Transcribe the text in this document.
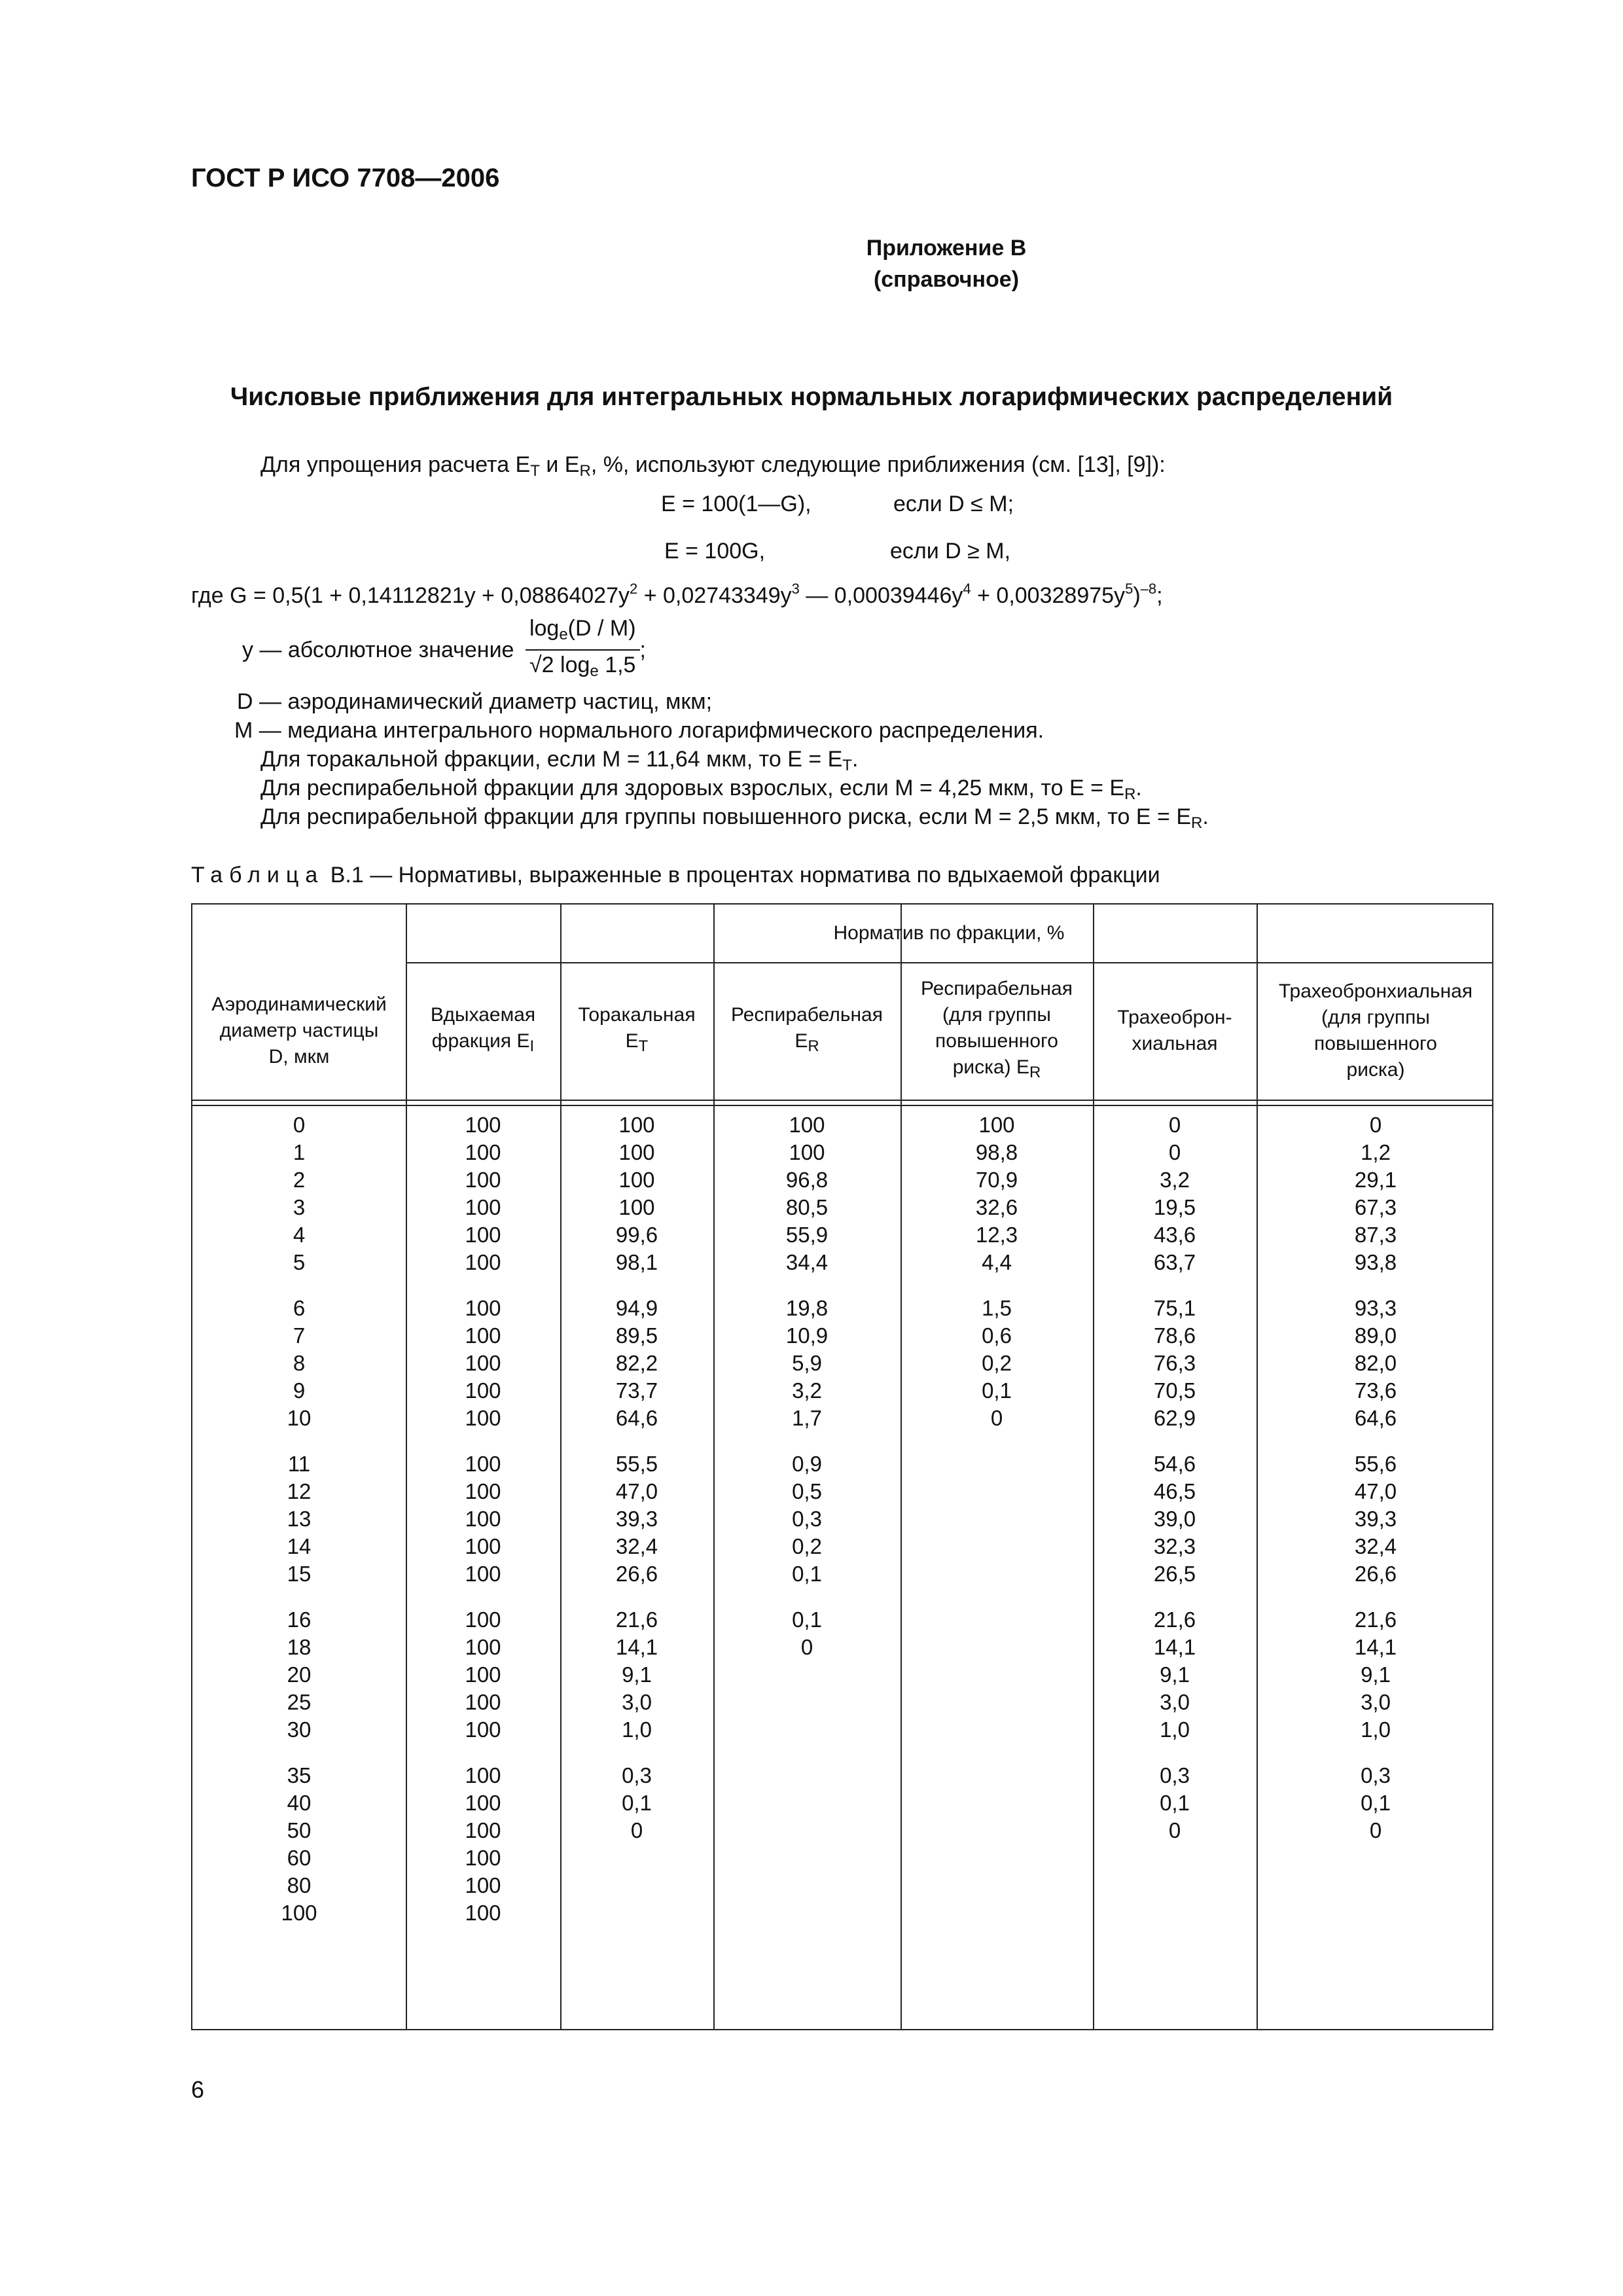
ГОСТ Р ИСО 7708—2006
Приложение В
(справочное)
Числовые приближения для интегральных нормальных логарифмических распределений
Для упрощения расчета $E_T$ и $E_R$, %, используют следующие приближения (см. [13], [9]):
E = 100(1—G),	если D ≤ M;
E = 100G,	если D ≥ M,
где $G = 0,5(1 + 0,14112821y + 0,08864027y^2 + 0,02743349y^3$ — $0,00039446y^4 + 0,00328975y^5)^{-8}$;
y — абсолютное значение $\frac{\log_e(D / M)}{√2 \log_e 1,5}$ ;
D — аэродинамический диаметр частиц, мкм;
M — медиана интегрального нормального логарифмического распределения.
Для торакальной фракции, если M = 11,64 мкм, то $E = E_T$.
Для респирабельной фракции для здоровых взрослых, если M = 4,25 мкм, то $E = E_R$.
Для респирабельной фракции для группы повышенного риска, если M = 2,5 мкм, то $E = E_R$.
Таблица В.1 — Нормативы, выраженные в процентах норматива по вдыхаемой фракции
Норматив по фракции, %
Аэродинамический
диаметр частицы
D, мкм
Вдыхаемая
фракция $E_I$
Торакальная
$E_T$
Респирабельная
$E_R$
Респирабельная
(для группы
повышенного
риска) $E_R$
Трахеоброн-
хиальная
Трахеобронхиальная
(для группы
повышенного
риска)
0
1
2
3
4
5
6
7
8
9
10
11
12
13
14
15
16
18
20
25
30
35
40
50
60
80
100
100
100
100
100
100
100
100
100
100
100
100
100
100
100
100
100
100
100
100
100
100
100
100
100
100
100
100
100
100
100
100
99,6
98,1
94,9
89,5
82,2
73,7
64,6
55,5
47,0
39,3
32,4
26,6
21,6
14,1
9,1
3,0
1,0
0,3
0,1
0
100
100
96,8
80,5
55,9
34,4
19,8
10,9
5,9
3,2
1,7
0,9
0,5
0,3
0,2
0,1
0,1
0
100
98,8
70,9
32,6
12,3
4,4
1,5
0,6
0,2
0,1
0
0
0
3,2
19,5
43,6
63,7
75,1
78,6
76,3
70,5
62,9
54,6
46,5
39,0
32,3
26,5
21,6
14,1
9,1
3,0
1,0
0,3
0,1
0
0
1,2
29,1
67,3
87,3
93,8
93,3
89,0
82,0
73,6
64,6
55,6
47,0
39,3
32,4
26,6
21,6
14,1
9,1
3,0
1,0
0,3
0,1
0
6
